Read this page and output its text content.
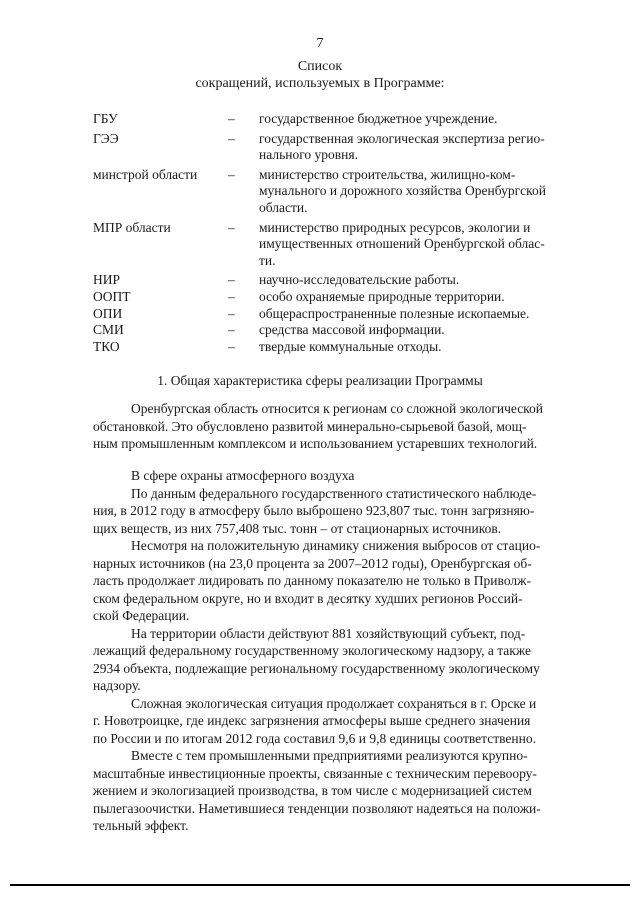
7
Список
сокращений, используемых в Программе:
ГБУ	– государственное бюджетное учреждение.
ГЭЭ	– государственная экологическая экспертиза регио-
нального уровня.
минстрой области – министерство строительства, жилищно-ком-
мунального и дорожного хозяйства Оренбургской
области.
МПР области	– министерство природных ресурсов, экологии и
имущественных отношений Оренбургской облас-
ти.
НИР	– научно-исследовательские работы.
ООПТ	– особо охраняемые природные территории.
ОПИ	– общераспространенные полезные ископаемые.
СМИ	– средства массовой информации.
ТКО	– твердые коммунальные отходы.
1. Общая характеристика сферы реализации Программы

Оренбургская область относится к регионам со сложной экологической
обстановкой. Это обусловлено развитой минерально-сырьевой базой, мощ-
ным промышленным комплексом и использованием устаревших технологий.

В сфере охраны атмосферного воздуха

По данным федерального государственного статистического наблюде-
ния, в 2012 году в атмосферу было выброшено 923,807 тыс. тонн загрязняю-
щих веществ, из них 757,408 тыс. тонн – от стационарных источников.

Несмотря на положительную динамику снижения выбросов от стацио-
нарных источников (на 23,0 процента за 2007–2012 годы), Оренбургская об-
ласть продолжает лидировать по данному показателю не только в Приволж-
ском федеральном округе, но и входит в десятку худших регионов Россий-
ской Федерации.

На территории области действуют 881 хозяйствующий субъект, под-
лежащий федеральному государственному экологическому надзору, а также
2934 объекта, подлежащие региональному государственному экологическому
надзору.

Сложная экологическая ситуация продолжает сохраняться в г. Орске и
г. Новотроицке, где индекс загрязнения атмосферы выше среднего значения
по России и по итогам 2012 года составил 9,6 и 9,8 единицы соответственно.

Вместе с тем промышленными предприятиями реализуются крупно-
масштабные инвестиционные проекты, связанные с техническим перевоору-
жением и экологизацией производства, в том числе с модернизацией систем
пылегазоочистки. Наметившиеся тенденции позволяют надеяться на положи-
тельный эффект.
